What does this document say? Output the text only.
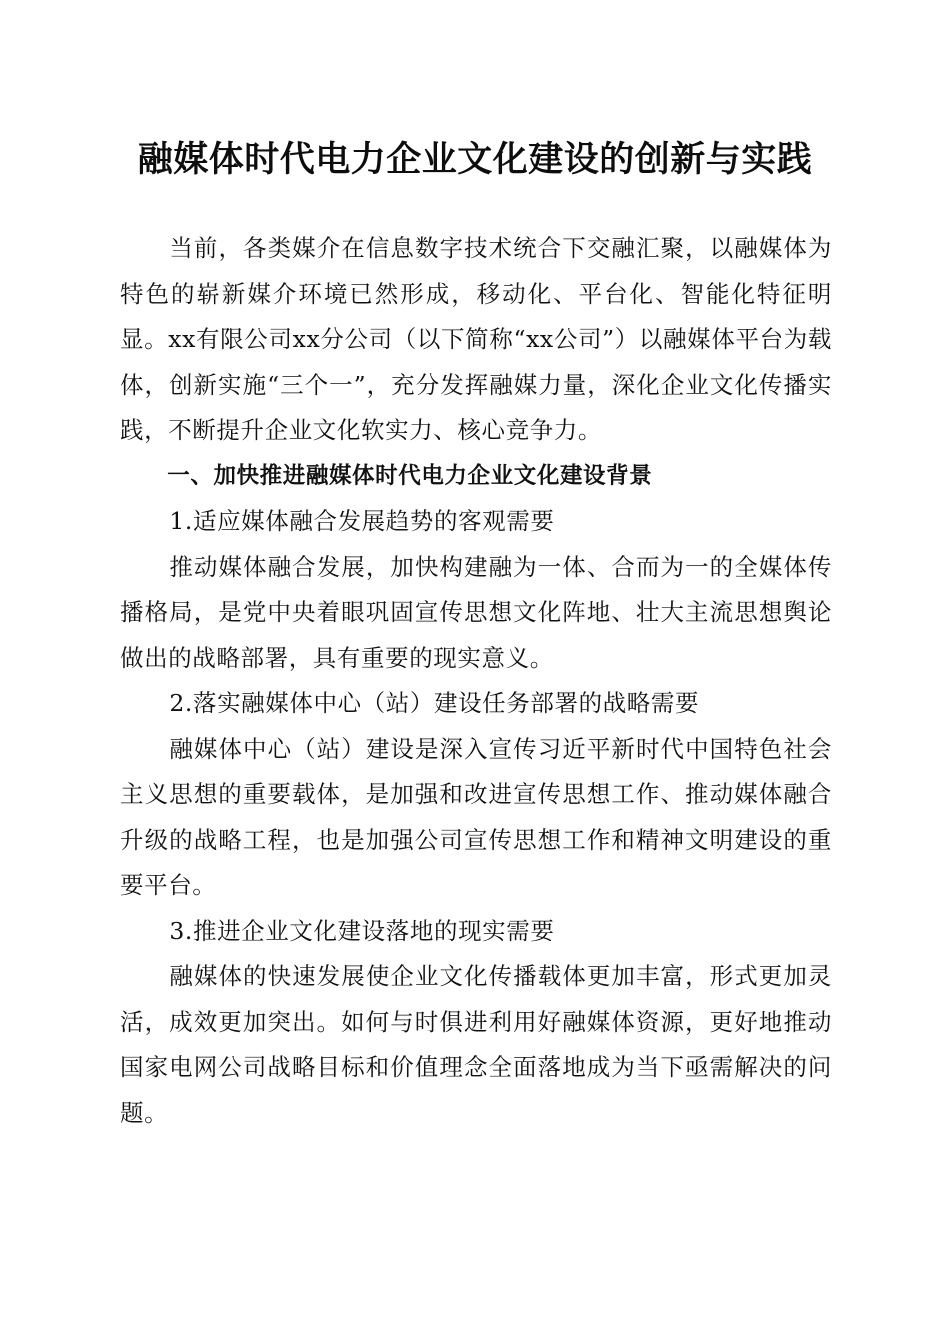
融媒体时代电力企业文化建设的创新与实践

当前，各类媒介在信息数字技术统合下交融汇聚，以融媒体为特色的崭新媒介环境已然形成，移动化、平台化、智能化特征明显。xx有限公司xx分公司（以下简称“xx公司”）以融媒体平台为载体，创新实施“三个一”，充分发挥融媒力量，深化企业文化传播实践，不断提升企业文化软实力、核心竞争力。

一、加快推进融媒体时代电力企业文化建设背景

1.适应媒体融合发展趋势的客观需要

推动媒体融合发展，加快构建融为一体、合而为一的全媒体传播格局，是党中央着眼巩固宣传思想文化阵地、壮大主流思想舆论做出的战略部署，具有重要的现实意义。

2.落实融媒体中心（站）建设任务部署的战略需要

融媒体中心（站）建设是深入宣传习近平新时代中国特色社会主义思想的重要载体，是加强和改进宣传思想工作、推动媒体融合升级的战略工程，也是加强公司宣传思想工作和精神文明建设的重要平台。

3.推进企业文化建设落地的现实需要

融媒体的快速发展使企业文化传播载体更加丰富，形式更加灵活，成效更加突出。如何与时俱进利用好融媒体资源，更好地推动国家电网公司战略目标和价值理念全面落地成为当下亟需解决的问题。
